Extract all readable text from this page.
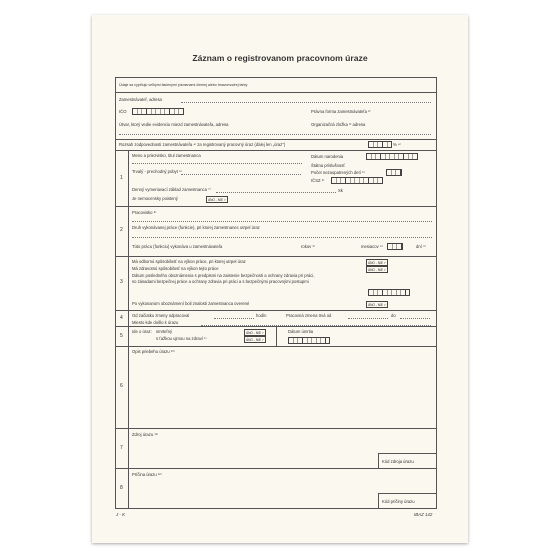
Záznam o registrovanom pracovnom úraze
Údaje sa vyplňujú veľkými tlačenými písmenami čiernej alebo tmavomodrej farby
Zamestnávateľ, adresa
IČO	Právna forma zamestnávateľa ²⁾
Útvar, ktorý vedie evidenciu miezd zamestnávateľa, adresa	Organizačná zložka ³⁾ adresa
Rozsah zodpovednosti zamestnávateľa ⁴⁾ za registrovaný pracovný úraz (ďalej len „úraz")	% ⁴⁾
1
Meno a priezvisko, titul zamestnanca	Dátum narodenia
Štátna príslušnosť
Trvalý - prechodný pobyt ⁵⁾	Počet nezaopatrených detí ⁶⁾
IČSZ ⁶⁾
Denný vymeriavací základ zamestnanca ⁷⁾	Sk
Je nemocensky poistený	ÁNO - NIE ¹⁾
2
Pracovisko ⁸⁾
Druh vykonávanej práce (funkcie), pri ktorej zamestnanec utrpel úraz
Túto prácu (funkciu) vykonáva u zamestnávateľa	rokov ⁹⁾	mesiacov ⁹⁾	dní ⁹⁾
3
Má odbornú spôsobilosť na výkon práce, pri ktorej utrpel úraz	ÁNO - NIE ¹⁾
Má zdravotnú spôsobilosť na výkon tejto práce	ÁNO - NIE ¹⁾
Dátum posledného oboznámenia s predpismi na zaistenie bezpečnosti a ochrany zdravia pri práci,
so zásadami bezpečnej práce a ochrany zdravia pri práci a s bezpečnými pracovnými postupmi
Po vykonanom oboznámení boli znalosti zamestnanca overené	ÁNO - NIE ¹⁾
4 Od začiatku zmeny odpracoval	hodín	Pracovná zmena trvá od	do
Miesto kde došlo k úrazu
5
Ide o úraz: smrteľný
s ťažkou ujmou na zdraví ¹⁾
ÁNO - NIE ¹⁾
ÁNO - NIE ¹⁾
Dátum úmrtia
6
Opis priebehu úrazu ¹⁰⁾
7
Zdroj úrazu ¹¹⁾
Kód zdroja úrazu
8
Príčina úrazu ¹²⁾
Kód príčiny úrazu
J - K	IBAZ 142
